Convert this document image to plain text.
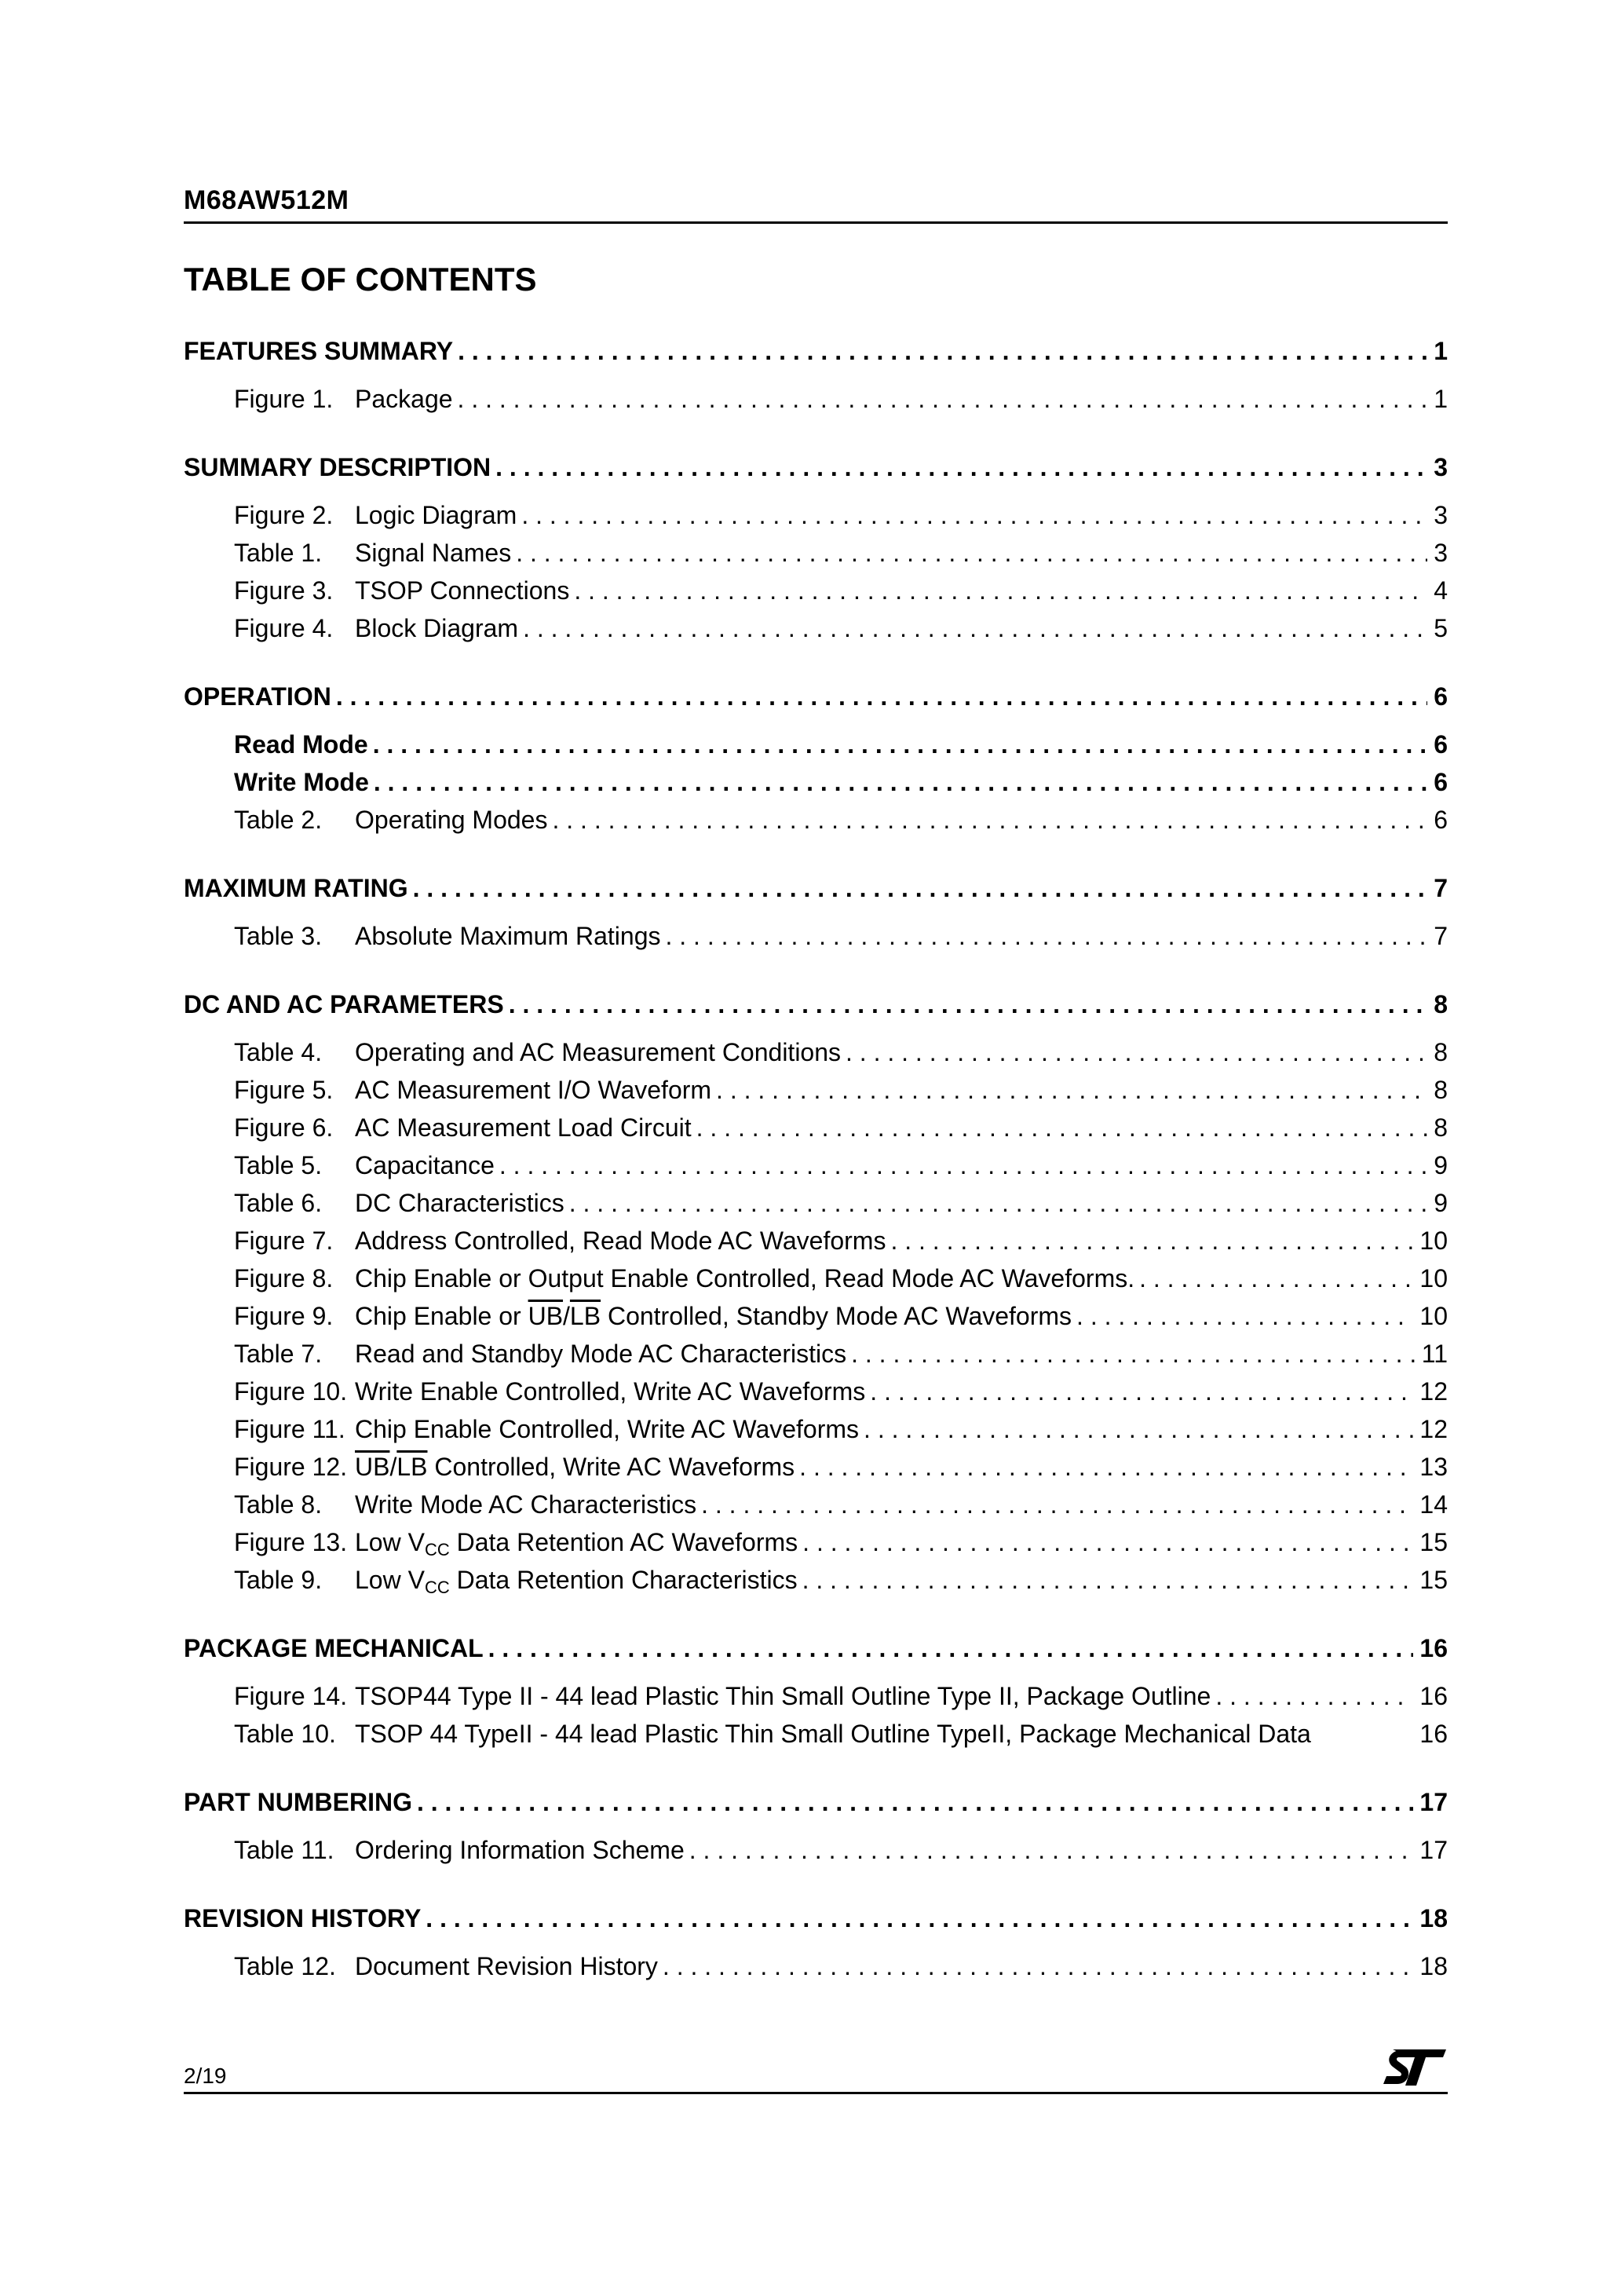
M68AW512M
TABLE OF CONTENTS
FEATURES SUMMARY . . .	1
Figure 1. Package . . .	1
SUMMARY DESCRIPTION . . .	3
Figure 2. Logic Diagram . . .	3
Table 1.	Signal Names . . .	3
Figure 3. TSOP Connections . . .	4
Figure 4. Block Diagram . . .	5
OPERATION . . .	6
Read Mode . . .	6
Write Mode . . .	6
Table 2.	Operating Modes . . .	6
MAXIMUM RATING . . .	7
Table 3.	Absolute Maximum Ratings . . .	7
DC AND AC PARAMETERS . . .	8
Table 4.	Operating and AC Measurement Conditions . . .	8
Figure 5. AC Measurement I/O Waveform . . .	8
Figure 6. AC Measurement Load Circuit . . .	8
Table 5.	Capacitance . . .	9
Table 6.	DC Characteristics . . .	9
Figure 7. Address Controlled, Read Mode AC Waveforms . . .	10
Figure 8. Chip Enable or Output Enable Controlled, Read Mode AC Waveforms. . . .	10
Figure 9. Chip Enable or $\overline{UB}/\overline{LB}$ Controlled, Standby Mode AC Waveforms . . .	10
Table 7.	Read and Standby Mode AC Characteristics . . .	11
Figure 10. Write Enable Controlled, Write AC Waveforms . . .	12
Figure 11. Chip Enable Controlled, Write AC Waveforms . . .	12
Figure 12. $\overline{UB}/\overline{LB}$ Controlled, Write AC Waveforms . . .	13
Table 8.	Write Mode AC Characteristics . . .	14
Figure 13. Low VCC Data Retention AC Waveforms . . .	15
Table 9.	Low VCC Data Retention Characteristics . . .	15
PACKAGE MECHANICAL . . .	16
Figure 14. TSOP44 Type II - 44 lead Plastic Thin Small Outline Type II, Package Outline . . .	16
Table 10. TSOP 44 TypeII - 44 lead Plastic Thin Small Outline TypeII, Package Mechanical Data	16
PART NUMBERING . . .	17
Table 11. Ordering Information Scheme . . .	17
REVISION HISTORY . . .	18
Table 12. Document Revision History . . .	18
2/19
